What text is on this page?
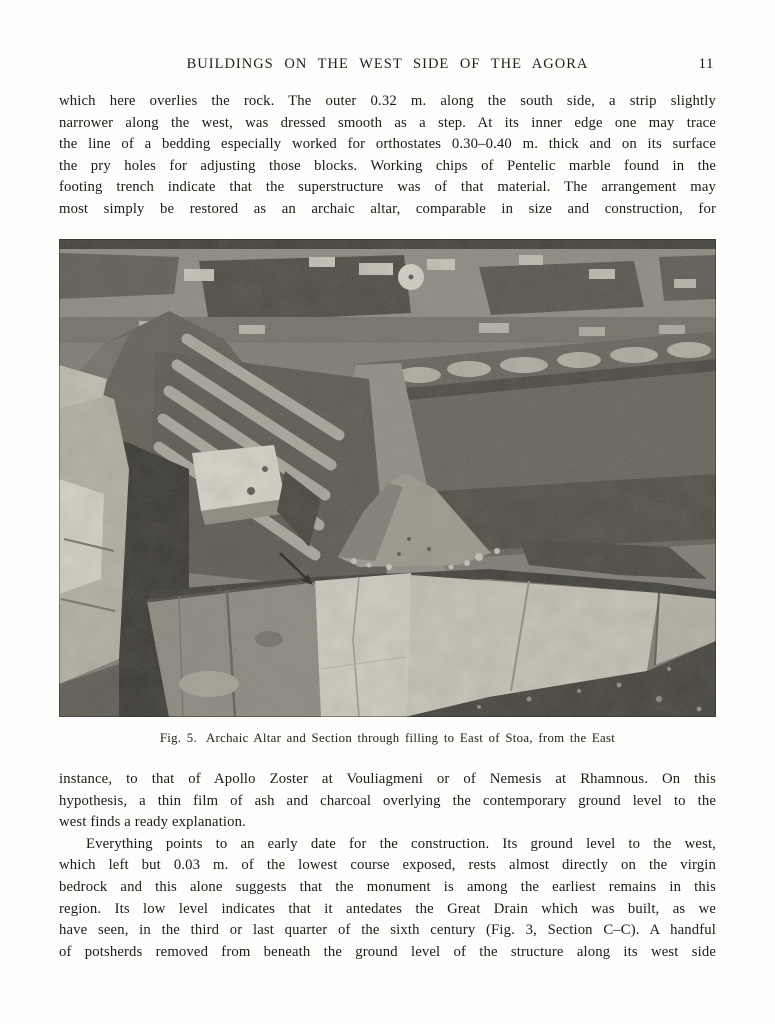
BUILDINGS ON THE WEST SIDE OF THE AGORA	11
which here overlies the rock. The outer 0.32 m. along the south side, a strip slightly
narrower along the west, was dressed smooth as a step. At its inner edge one may trace
the line of a bedding especially worked for orthostates 0.30–0.40 m. thick and on its surface
the pry holes for adjusting those blocks. Working chips of Pentelic marble found in the
footing trench indicate that the superstructure was of that material. The arrangement may
most simply be restored as an archaic altar, comparable in size and construction, for
Fig. 5. Archaic Altar and Section through filling to East of Stoa, from the East
instance, to that of Apollo Zoster at Vouliagmeni or of Nemesis at Rhamnous. On this
hypothesis, a thin film of ash and charcoal overlying the contemporary ground level to the
west finds a ready explanation.
Everything points to an early date for the construction. Its ground level to the west,
which left but 0.03 m. of the lowest course exposed, rests almost directly on the virgin
bedrock and this alone suggests that the monument is among the earliest remains in this
region. Its low level indicates that it antedates the Great Drain which was built, as we
have seen, in the third or last quarter of the sixth century (Fig. 3, Section C–C). A handful
of potsherds removed from beneath the ground level of the structure along its west side
